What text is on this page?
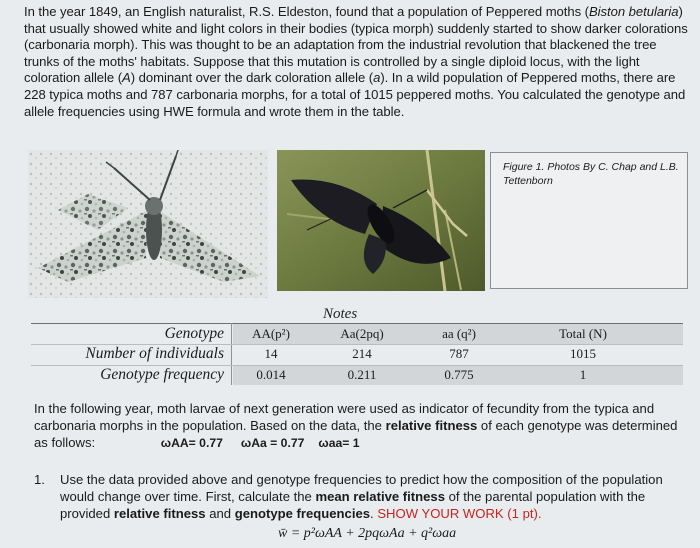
In the year 1849, an English naturalist, R.S. Eldeston, found that a population of Peppered moths (Biston betularia) that usually showed white and light colors in their bodies (typica morph) suddenly started to show darker colorations (carbonaria morph). This was thought to be an adaptation from the industrial revolution that blackened the tree trunks of the moths' habitats. Suppose that this mutation is controlled by a single diploid locus, with the light coloration allele (A) dominant over the dark coloration allele (a). In a wild population of Peppered moths, there are 228 typica moths and 787 carbonaria morphs, for a total of 1015 peppered moths. You calculated the genotype and allele frequencies using HWE formula and wrote them in the table.
Figure 1. Photos By C. Chap and L.B. Tettenborn
Notes
Genotype	AA(p²)	Aa(2pq)	aa (q²)	Total (N)
Number of individuals	14	214	787	1015
Genotype frequency	0.014	0.211	0.775	1
In the following year, moth larvae of next generation were used as indicator of fecundity from the typica and carbonaria morphs in the population. Based on the data, the relative fitness of each genotype was determined as follows:	ωAA= 0.77 ωAa = 0.77 ωaa= 1
1. Use the data provided above and genotype frequencies to predict how the composition of the population would change over time. First, calculate the mean relative fitness of the parental population with the provided relative fitness and genotype frequencies. SHOW YOUR WORK (1 pt).
w̄ = p²ωAA + 2pqωAa + q²ωaa
